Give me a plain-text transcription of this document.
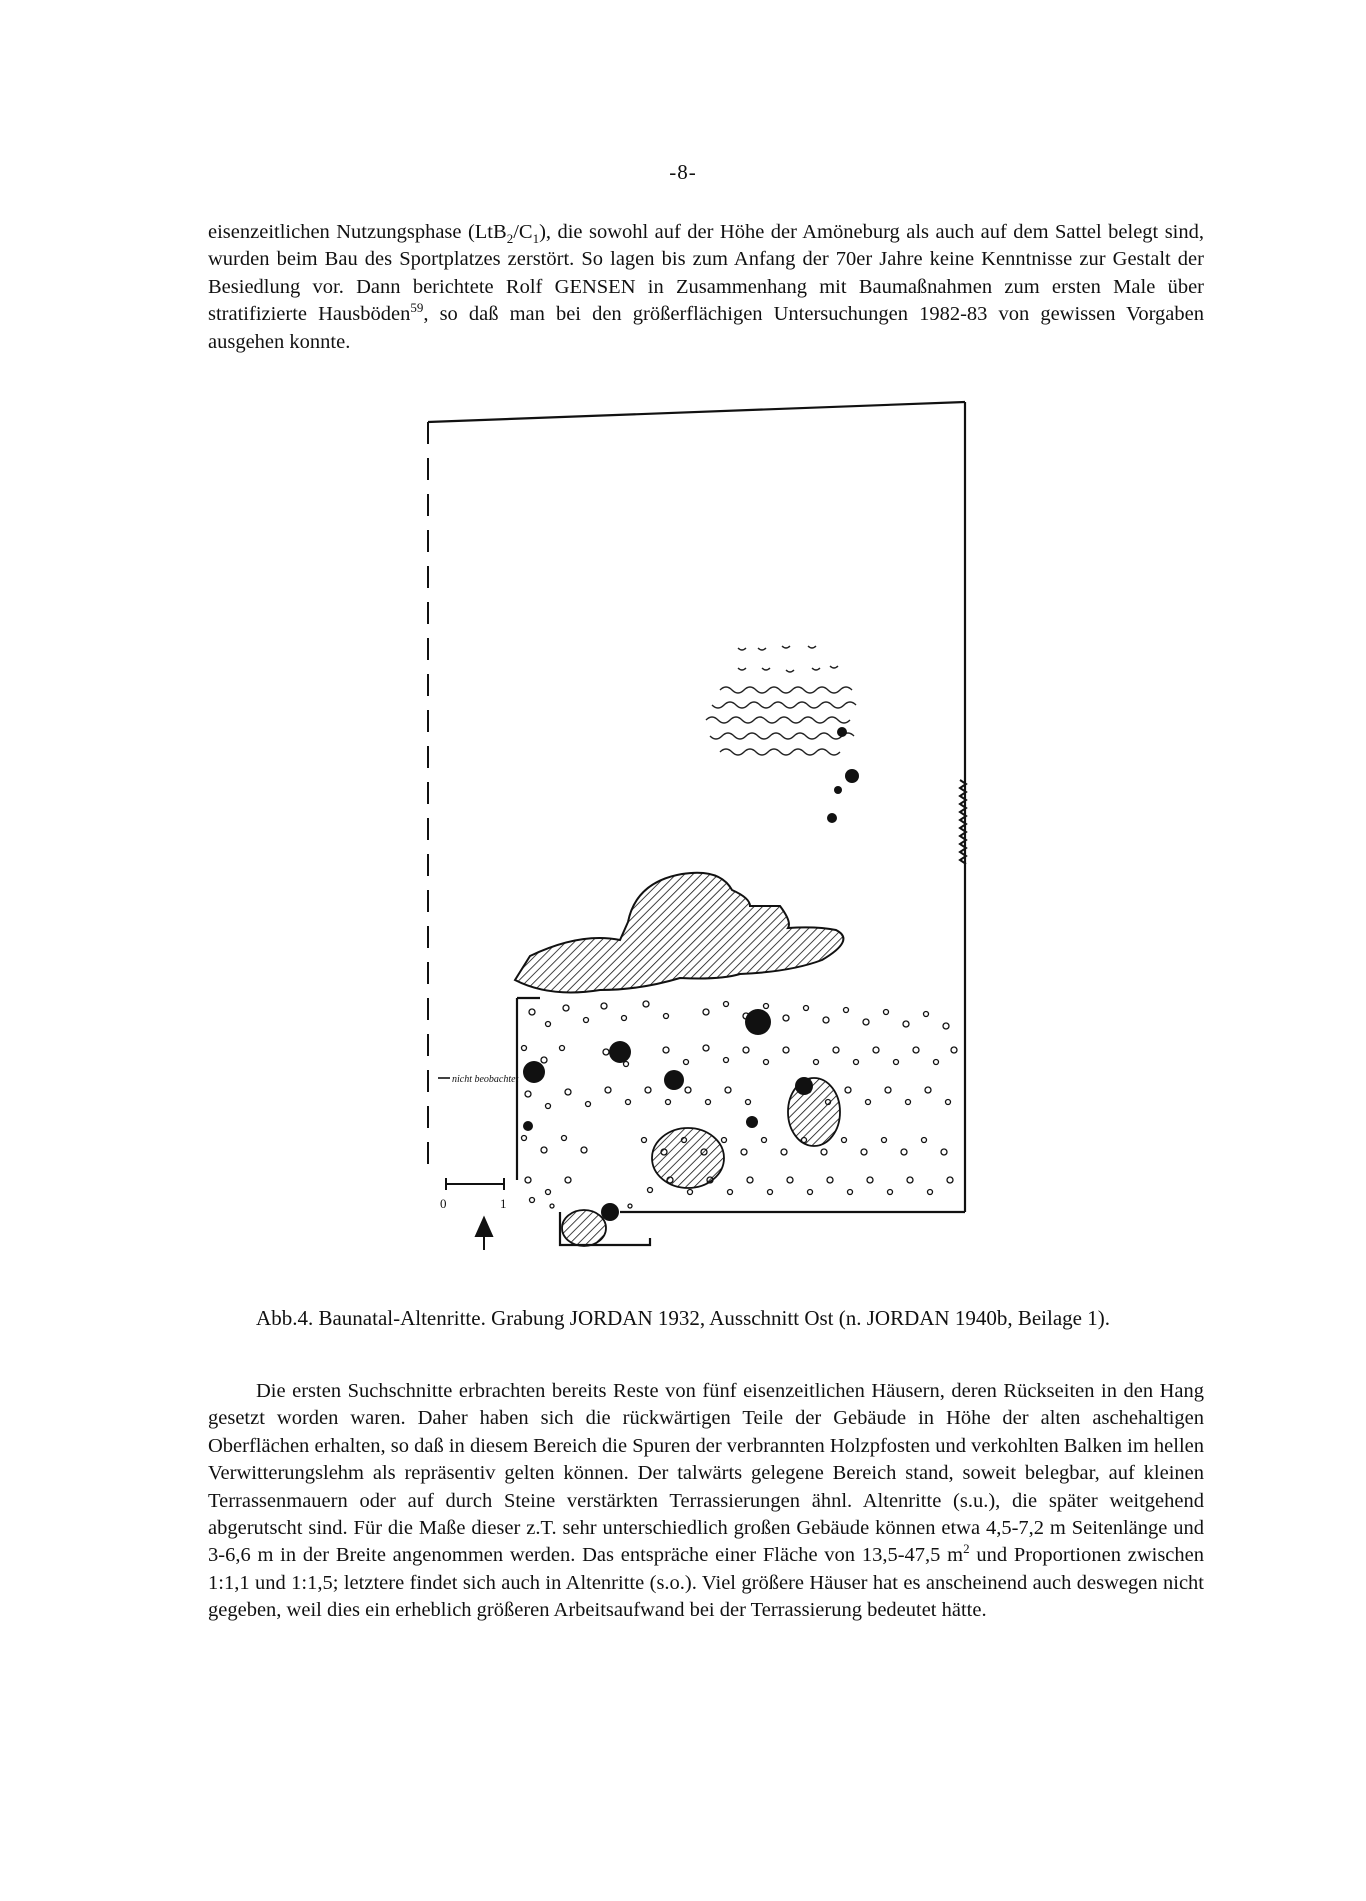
-8-

eisenzeitlichen Nutzungsphase $(LtB_2/C_1)$, die sowohl auf der Höhe der Amöneburg als auch auf dem Sattel belegt sind, wurden beim Bau des Sportplatzes zerstört. So lagen bis zum Anfang der 70er Jahre keine Kenntnisse zur Gestalt der Besiedlung vor. Dann berichtete Rolf GENSEN in Zusammenhang mit Baumaßnahmen zum ersten Male über stratifizierte Hausböden$^{59}$, so daß man bei den größerflächigen Untersuchungen 1982-83 von gewissen Vorgaben ausgehen konnte.

nicht beobachtet
0	1
Abb.4. Baunatal-Altenritte. Grabung JORDAN 1932, Ausschnitt Ost (n. JORDAN 1940b, Beilage 1).

Die ersten Suchschnitte erbrachten bereits Reste von fünf eisenzeitlichen Häusern, deren Rückseiten in den Hang gesetzt worden waren. Daher haben sich die rückwärtigen Teile der Gebäude in Höhe der alten aschehaltigen Oberflächen erhalten, so daß in diesem Bereich die Spuren der verbrannten Holzpfosten und verkohlten Balken im hellen Verwitterungslehm als repräsentiv gelten können. Der talwärts gelegene Bereich stand, soweit belegbar, auf kleinen Terrassenmauern oder auf durch Steine verstärkten Terrassierungen ähnl. Altenritte (s.u.), die später weitgehend abgerutscht sind. Für die Maße dieser z.T. sehr unterschiedlich großen Gebäude können etwa 4,5-7,2 m Seitenlänge und 3-6,6 m in der Breite angenommen werden. Das entspräche einer Fläche von 13,5-47,5 $m^2$ und Proportionen zwischen 1:1,1 und 1:1,5; letztere findet sich auch in Altenritte (s.o.). Viel größere Häuser hat es anscheinend auch deswegen nicht gegeben, weil dies ein erheblich größeren Arbeitsaufwand bei der Terrassierung bedeutet hätte.
